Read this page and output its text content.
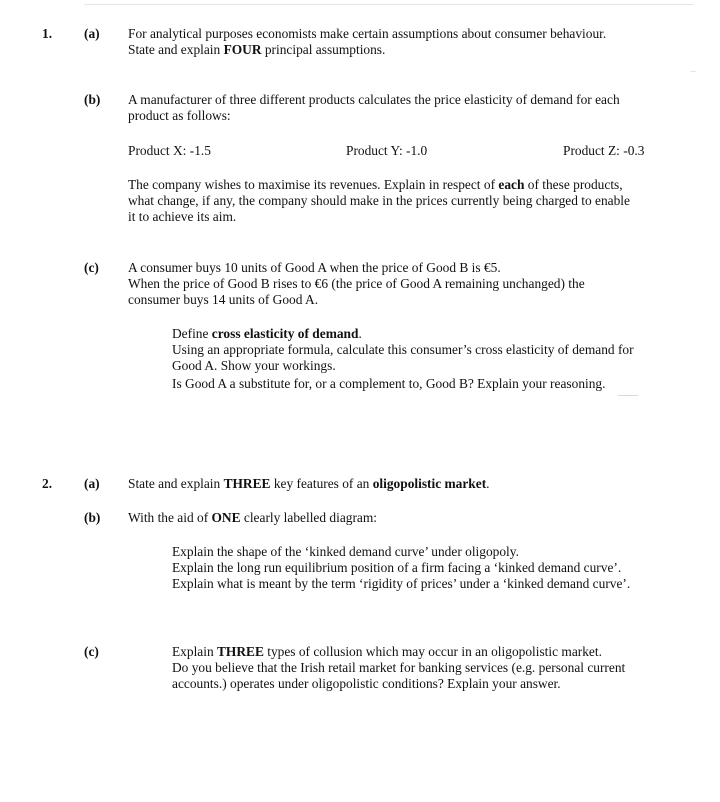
1. (a) For analytical purposes economists make certain assumptions about consumer behaviour.
State and explain FOUR principal assumptions.
(b) A manufacturer of three different products calculates the price elasticity of demand for each
product as follows:
Product X: -1.5	Product Y: -1.0	Product Z: -0.3
The company wishes to maximise its revenues. Explain in respect of each of these products,
what change, if any, the company should make in the prices currently being charged to enable
it to achieve its aim.
(c) A consumer buys 10 units of Good A when the price of Good B is €5.
When the price of Good B rises to €6 (the price of Good A remaining unchanged) the
consumer buys 14 units of Good A.
Define cross elasticity of demand.
Using an appropriate formula, calculate this consumer’s cross elasticity of demand for
Good A. Show your workings.
Is Good A a substitute for, or a complement to, Good B? Explain your reasoning.
2. (a) State and explain THREE key features of an oligopolistic market.
(b) With the aid of ONE clearly labelled diagram:
Explain the shape of the ‘kinked demand curve’ under oligopoly.
Explain the long run equilibrium position of a firm facing a ‘kinked demand curve’.
Explain what is meant by the term ‘rigidity of prices’ under a ‘kinked demand curve’.
(c)	Explain THREE types of collusion which may occur in an oligopolistic market.
Do you believe that the Irish retail market for banking services (e.g. personal current
accounts.) operates under oligopolistic conditions? Explain your answer.
